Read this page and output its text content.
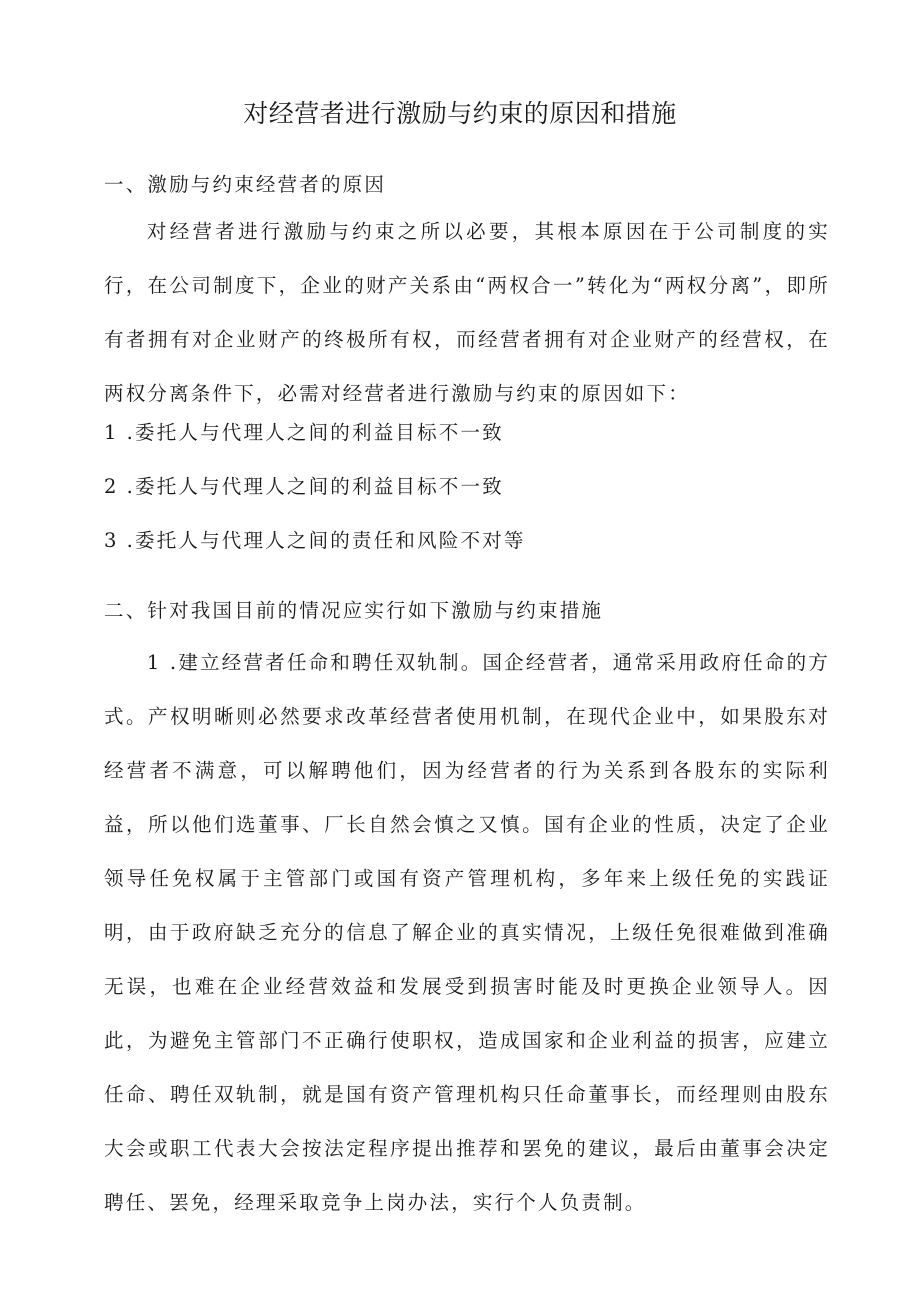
对经营者进行激励与约束的原因和措施
一、激励与约束经营者的原因
对经营者进行激励与约束之所以必要，其根本原因在于公司制度的实行，在公司制度下，企业的财产关系由“两权合一”转化为“两权分离”，即所有者拥有对企业财产的终极所有权，而经营者拥有对企业财产的经营权，在两权分离条件下，必需对经营者进行激励与约束的原因如下：
1 .委托人与代理人之间的利益目标不一致
2 .委托人与代理人之间的利益目标不一致
3 .委托人与代理人之间的责任和风险不对等
二、针对我国目前的情况应实行如下激励与约束措施
1 .建立经营者任命和聘任双轨制。国企经营者，通常采用政府任命的方式。产权明晰则必然要求改革经营者使用机制，在现代企业中，如果股东对经营者不满意，可以解聘他们，因为经营者的行为关系到各股东的实际利益，所以他们选董事、厂长自然会慎之又慎。国有企业的性质，决定了企业领导任免权属于主管部门或国有资产管理机构，多年来上级任免的实践证明，由于政府缺乏充分的信息了解企业的真实情况，上级任免很难做到准确无误，也难在企业经营效益和发展受到损害时能及时更换企业领导人。因此，为避免主管部门不正确行使职权，造成国家和企业利益的损害，应建立任命、聘任双轨制，就是国有资产管理机构只任命董事长，而经理则由股东大会或职工代表大会按法定程序提出推荐和罢免的建议，最后由董事会决定聘任、罢免，经理采取竞争上岗办法，实行个人负责制。
